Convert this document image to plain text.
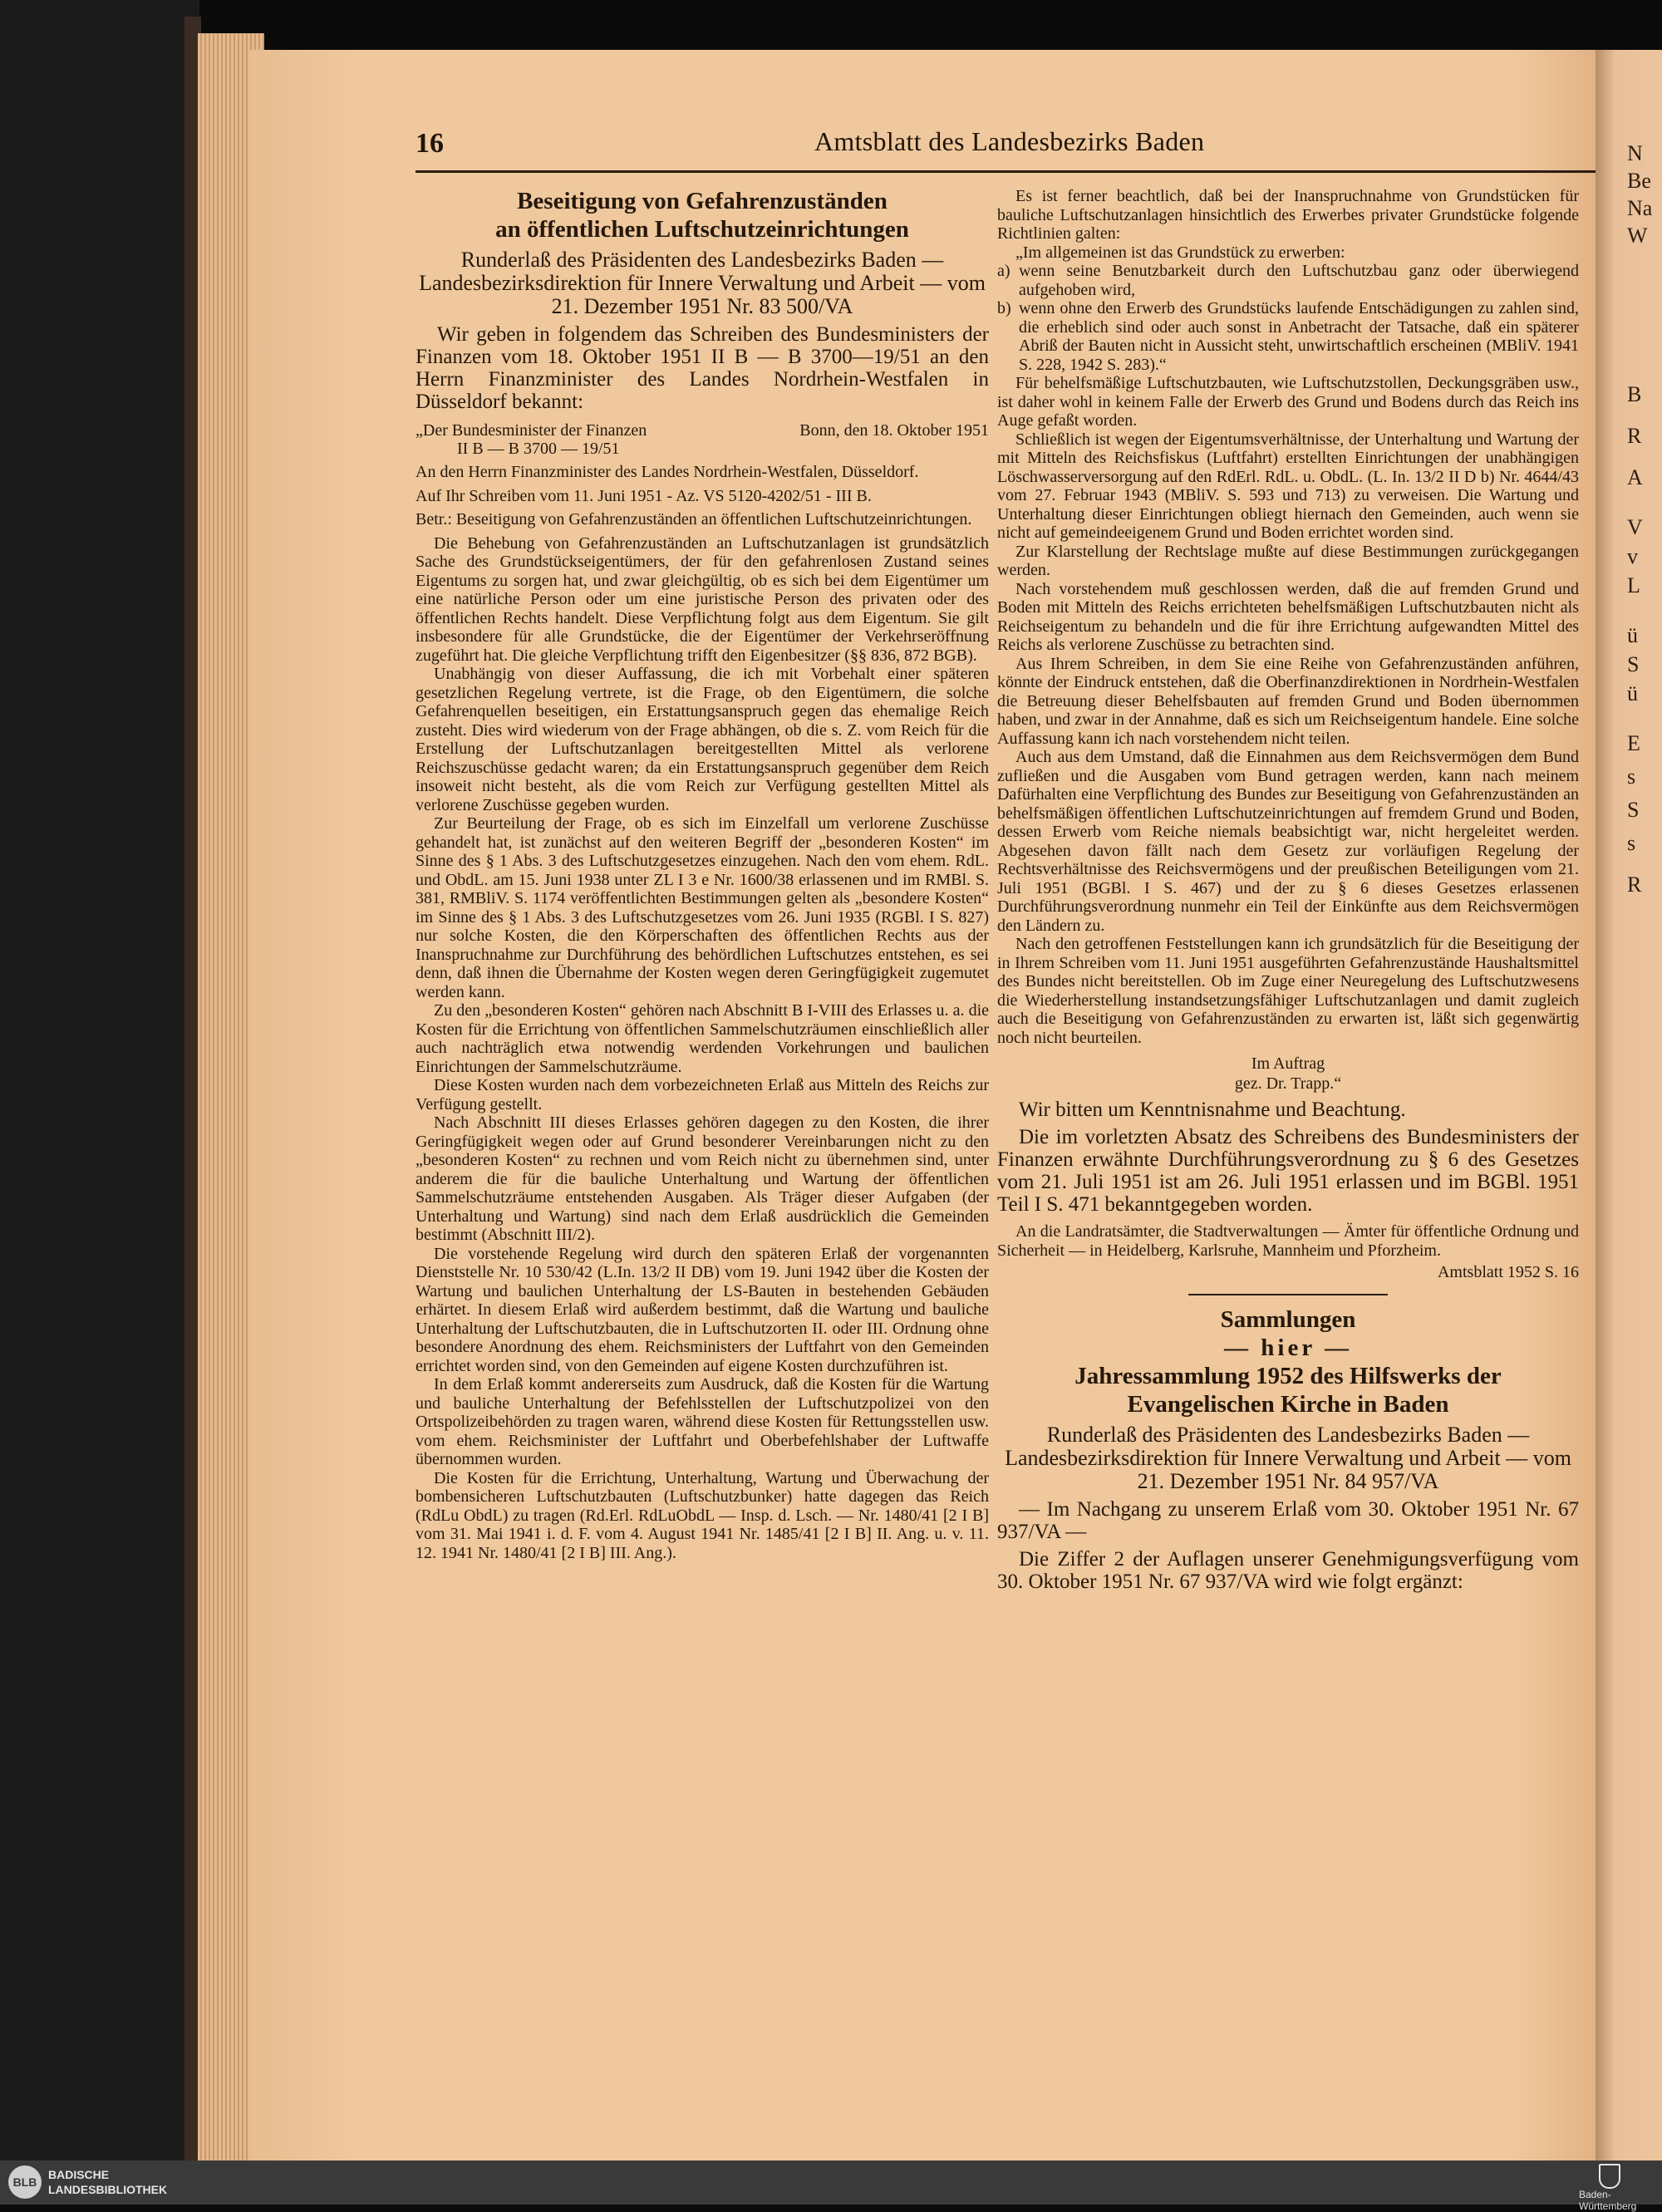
N
Be
Na
W
B
R
A
V
v
L
ü
S
ü
E
s
S
s
R
16	Amtsblatt des Landesbezirks Baden
Beseitigung von Gefahrenzuständen
an öffentlichen Luftschutzeinrichtungen

Runderlaß des Präsidenten des Landesbezirks Baden — Landesbezirksdirektion für Innere Verwaltung und Arbeit — vom 21. Dezember 1951 Nr. 83 500/VA

Wir geben in folgendem das Schreiben des Bundesministers der Finanzen vom 18. Oktober 1951 II B — B 3700—19/51 an den Herrn Finanzminister des Landes Nordrhein-Westfalen in Düsseldorf bekannt:

„Der Bundesminister der Finanzen
II B — B 3700 — 19/51
Bonn, den 18. Oktober 1951

An den Herrn Finanzminister des Landes Nordrhein-Westfalen, Düsseldorf.

Auf Ihr Schreiben vom 11. Juni 1951 - Az. VS 5120-4202/51 - III B.

Betr.: Beseitigung von Gefahrenzuständen an öffentlichen Luftschutzeinrichtungen.

Die Behebung von Gefahrenzuständen an Luftschutzanlagen ist grundsätzlich Sache des Grundstückseigentümers, der für den gefahrenlosen Zustand seines Eigentums zu sorgen hat, und zwar gleichgültig, ob es sich bei dem Eigentümer um eine natürliche Person oder um eine juristische Person des privaten oder des öffentlichen Rechts handelt. Diese Verpflichtung folgt aus dem Eigentum. Sie gilt insbesondere für alle Grundstücke, die der Eigentümer der Verkehrseröffnung zugeführt hat. Die gleiche Verpflichtung trifft den Eigenbesitzer (§§ 836, 872 BGB).

Unabhängig von dieser Auffassung, die ich mit Vorbehalt einer späteren gesetzlichen Regelung vertrete, ist die Frage, ob den Eigentümern, die solche Gefahrenquellen beseitigen, ein Erstattungsanspruch gegen das ehemalige Reich zusteht. Dies wird wiederum von der Frage abhängen, ob die s. Z. vom Reich für die Erstellung der Luftschutzanlagen bereitgestellten Mittel als verlorene Reichszuschüsse gedacht waren; da ein Erstattungsanspruch gegenüber dem Reich insoweit nicht besteht, als die vom Reich zur Verfügung gestellten Mittel als verlorene Zuschüsse gegeben wurden.

Zur Beurteilung der Frage, ob es sich im Einzelfall um verlorene Zuschüsse gehandelt hat, ist zunächst auf den weiteren Begriff der „besonderen Kosten“ im Sinne des § 1 Abs. 3 des Luftschutzgesetzes einzugehen. Nach den vom ehem. RdL. und ObdL. am 15. Juni 1938 unter ZL I 3 e Nr. 1600/38 erlassenen und im RMBl. S. 381, RMBliV. S. 1174 veröffentlichten Bestimmungen gelten als „besondere Kosten“ im Sinne des § 1 Abs. 3 des Luftschutzgesetzes vom 26. Juni 1935 (RGBl. I S. 827) nur solche Kosten, die den Körperschaften des öffentlichen Rechts aus der Inanspruchnahme zur Durchführung des behördlichen Luftschutzes entstehen, es sei denn, daß ihnen die Übernahme der Kosten wegen deren Geringfügigkeit zugemutet werden kann.

Zu den „besonderen Kosten“ gehören nach Abschnitt B I-VIII des Erlasses u. a. die Kosten für die Errichtung von öffentlichen Sammelschutzräumen einschließlich aller auch nachträglich etwa notwendig werdenden Vorkehrungen und baulichen Einrichtungen der Sammelschutzräume.

Diese Kosten wurden nach dem vorbezeichneten Erlaß aus Mitteln des Reichs zur Verfügung gestellt.

Nach Abschnitt III dieses Erlasses gehören dagegen zu den Kosten, die ihrer Geringfügigkeit wegen oder auf Grund besonderer Vereinbarungen nicht zu den „besonderen Kosten“ zu rechnen und vom Reich nicht zu übernehmen sind, unter anderem die für die bauliche Unterhaltung und Wartung der öffentlichen Sammelschutzräume entstehenden Ausgaben. Als Träger dieser Aufgaben (der Unterhaltung und Wartung) sind nach dem Erlaß ausdrücklich die Gemeinden bestimmt (Abschnitt III/2).

Die vorstehende Regelung wird durch den späteren Erlaß der vorgenannten Dienststelle Nr. 10 530/42 (L.In. 13/2 II DB) vom 19. Juni 1942 über die Kosten der Wartung und baulichen Unterhaltung der LS-Bauten in bestehenden Gebäuden erhärtet. In diesem Erlaß wird außerdem bestimmt, daß die Wartung und bauliche Unterhaltung der Luftschutzbauten, die in Luftschutzorten II. oder III. Ordnung ohne besondere Anordnung des ehem. Reichsministers der Luftfahrt von den Gemeinden errichtet worden sind, von den Gemeinden auf eigene Kosten durchzuführen ist.

In dem Erlaß kommt andererseits zum Ausdruck, daß die Kosten für die Wartung und bauliche Unterhaltung der Befehlsstellen der Luftschutzpolizei von den Ortspolizeibehörden zu tragen waren, während diese Kosten für Rettungsstellen usw. vom ehem. Reichsminister der Luftfahrt und Oberbefehlshaber der Luftwaffe übernommen wurden.

Die Kosten für die Errichtung, Unterhaltung, Wartung und Überwachung der bombensicheren Luftschutzbauten (Luftschutzbunker) hatte dagegen das Reich (RdLu ObdL) zu tragen (Rd.Erl. RdLuObdL — Insp. d. Lsch. — Nr. 1480/41 [2 I B] vom 31. Mai 1941 i. d. F. vom 4. August 1941 Nr. 1485/41 [2 I B] II. Ang. u. v. 11. 12. 1941 Nr. 1480/41 [2 I B] III. Ang.).

Es ist ferner beachtlich, daß bei der Inanspruchnahme von Grundstücken für bauliche Luftschutzanlagen hinsichtlich des Erwerbes privater Grundstücke folgende Richtlinien galten:

„Im allgemeinen ist das Grundstück zu erwerben:

a) wenn seine Benutzbarkeit durch den Luftschutzbau ganz oder überwiegend aufgehoben wird,
b) wenn ohne den Erwerb des Grundstücks laufende Entschädigungen zu zahlen sind, die erheblich sind oder auch sonst in Anbetracht der Tatsache, daß ein späterer Abriß der Bauten nicht in Aussicht steht, unwirtschaftlich erscheinen (MBliV. 1941 S. 228, 1942 S. 283).“

Für behelfsmäßige Luftschutzbauten, wie Luftschutzstollen, Deckungsgräben usw., ist daher wohl in keinem Falle der Erwerb des Grund und Bodens durch das Reich ins Auge gefaßt worden.

Schließlich ist wegen der Eigentumsverhältnisse, der Unterhaltung und Wartung der mit Mitteln des Reichsfiskus (Luftfahrt) erstellten Einrichtungen der unabhängigen Löschwasserversorgung auf den RdErl. RdL. u. ObdL. (L. In. 13/2 II D b) Nr. 4644/43 vom 27. Februar 1943 (MBliV. S. 593 und 713) zu verweisen. Die Wartung und Unterhaltung dieser Einrichtungen obliegt hiernach den Gemeinden, auch wenn sie nicht auf gemeindeeigenem Grund und Boden errichtet worden sind.

Zur Klarstellung der Rechtslage mußte auf diese Bestimmungen zurückgegangen werden.

Nach vorstehendem muß geschlossen werden, daß die auf fremden Grund und Boden mit Mitteln des Reichs errichteten behelfsmäßigen Luftschutzbauten nicht als Reichseigentum zu behandeln und die für ihre Errichtung aufgewandten Mittel des Reichs als verlorene Zuschüsse zu betrachten sind.

Aus Ihrem Schreiben, in dem Sie eine Reihe von Gefahrenzuständen anführen, könnte der Eindruck entstehen, daß die Oberfinanzdirektionen in Nordrhein-Westfalen die Betreuung dieser Behelfsbauten auf fremden Grund und Boden übernommen haben, und zwar in der Annahme, daß es sich um Reichseigentum handele. Eine solche Auffassung kann ich nach vorstehendem nicht teilen.

Auch aus dem Umstand, daß die Einnahmen aus dem Reichsvermögen dem Bund zufließen und die Ausgaben vom Bund getragen werden, kann nach meinem Dafürhalten eine Verpflichtung des Bundes zur Beseitigung von Gefahrenzuständen an behelfsmäßigen öffentlichen Luftschutzeinrichtungen auf fremdem Grund und Boden, dessen Erwerb vom Reiche niemals beabsichtigt war, nicht hergeleitet werden. Abgesehen davon fällt nach dem Gesetz zur vorläufigen Regelung der Rechtsverhältnisse des Reichsvermögens und der preußischen Beteiligungen vom 21. Juli 1951 (BGBl. I S. 467) und der zu § 6 dieses Gesetzes erlassenen Durchführungsverordnung nunmehr ein Teil der Einkünfte aus dem Reichsvermögen den Ländern zu.

Nach den getroffenen Feststellungen kann ich grundsätzlich für die Beseitigung der in Ihrem Schreiben vom 11. Juni 1951 ausgeführten Gefahrenzustände Haushaltsmittel des Bundes nicht bereitstellen. Ob im Zuge einer Neuregelung des Luftschutzwesens die Wiederherstellung instandsetzungsfähiger Luftschutzanlagen und damit zugleich auch die Beseitigung von Gefahrenzuständen zu erwarten ist, läßt sich gegenwärtig noch nicht beurteilen.

Im Auftrag

gez. Dr. Trapp.“

Wir bitten um Kenntnisnahme und Beachtung.

Die im vorletzten Absatz des Schreibens des Bundesministers der Finanzen erwähnte Durchführungsverordnung zu § 6 des Gesetzes vom 21. Juli 1951 ist am 26. Juli 1951 erlassen und im BGBl. 1951 Teil I S. 471 bekanntgegeben worden.

An die Landratsämter, die Stadtverwaltungen — Ämter für öffentliche Ordnung und Sicherheit — in Heidelberg, Karlsruhe, Mannheim und Pforzheim.

Amtsblatt 1952 S. 16

Sammlungen
— hier —
Jahressammlung 1952 des Hilfswerks der
Evangelischen Kirche in Baden

Runderlaß des Präsidenten des Landesbezirks Baden — Landesbezirksdirektion für Innere Verwaltung und Arbeit — vom 21. Dezember 1951 Nr. 84 957/VA

— Im Nachgang zu unserem Erlaß vom 30. Oktober 1951 Nr. 67 937/VA —

Die Ziffer 2 der Auflagen unserer Genehmigungsverfügung vom 30. Oktober 1951 Nr. 67 937/VA wird wie folgt ergänzt:

BLB
BADISCHE
LANDESBIBLIOTHEK	Baden-Württemberg
